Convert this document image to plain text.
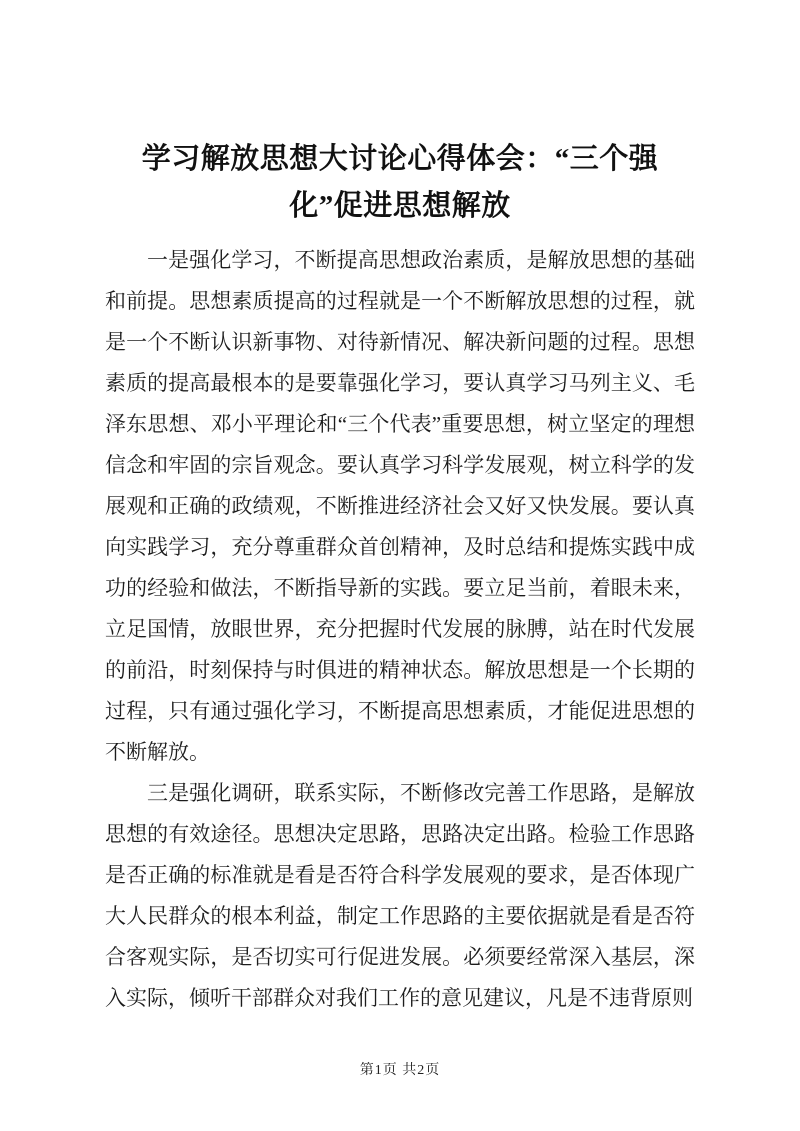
学习解放思想大讨论心得体会：“三个强化”促进思想解放

一是强化学习，不断提高思想政治素质，是解放思想的基础和前提。思想素质提高的过程就是一个不断解放思想的过程，就是一个不断认识新事物、对待新情况、解决新问题的过程。思想素质的提高最根本的是要靠强化学习，要认真学习马列主义、毛泽东思想、邓小平理论和“三个代表”重要思想，树立坚定的理想信念和牢固的宗旨观念。要认真学习科学发展观，树立科学的发展观和正确的政绩观，不断推进经济社会又好又快发展。要认真向实践学习，充分尊重群众首创精神，及时总结和提炼实践中成功的经验和做法，不断指导新的实践。要立足当前，着眼未来，立足国情，放眼世界，充分把握时代发展的脉膊，站在时代发展的前沿，时刻保持与时俱进的精神状态。解放思想是一个长期的过程，只有通过强化学习，不断提高思想素质，才能促进思想的不断解放。

三是强化调研，联系实际，不断修改完善工作思路，是解放思想的有效途径。思想决定思路，思路决定出路。检验工作思路是否正确的标准就是看是否符合科学发展观的要求，是否体现广大人民群众的根本利益，制定工作思路的主要依据就是看是否符合客观实际，是否切实可行促进发展。必须要经常深入基层，深入实际，倾听干部群众对我们工作的意见建议，凡是不违背原则

第1页 共2页
